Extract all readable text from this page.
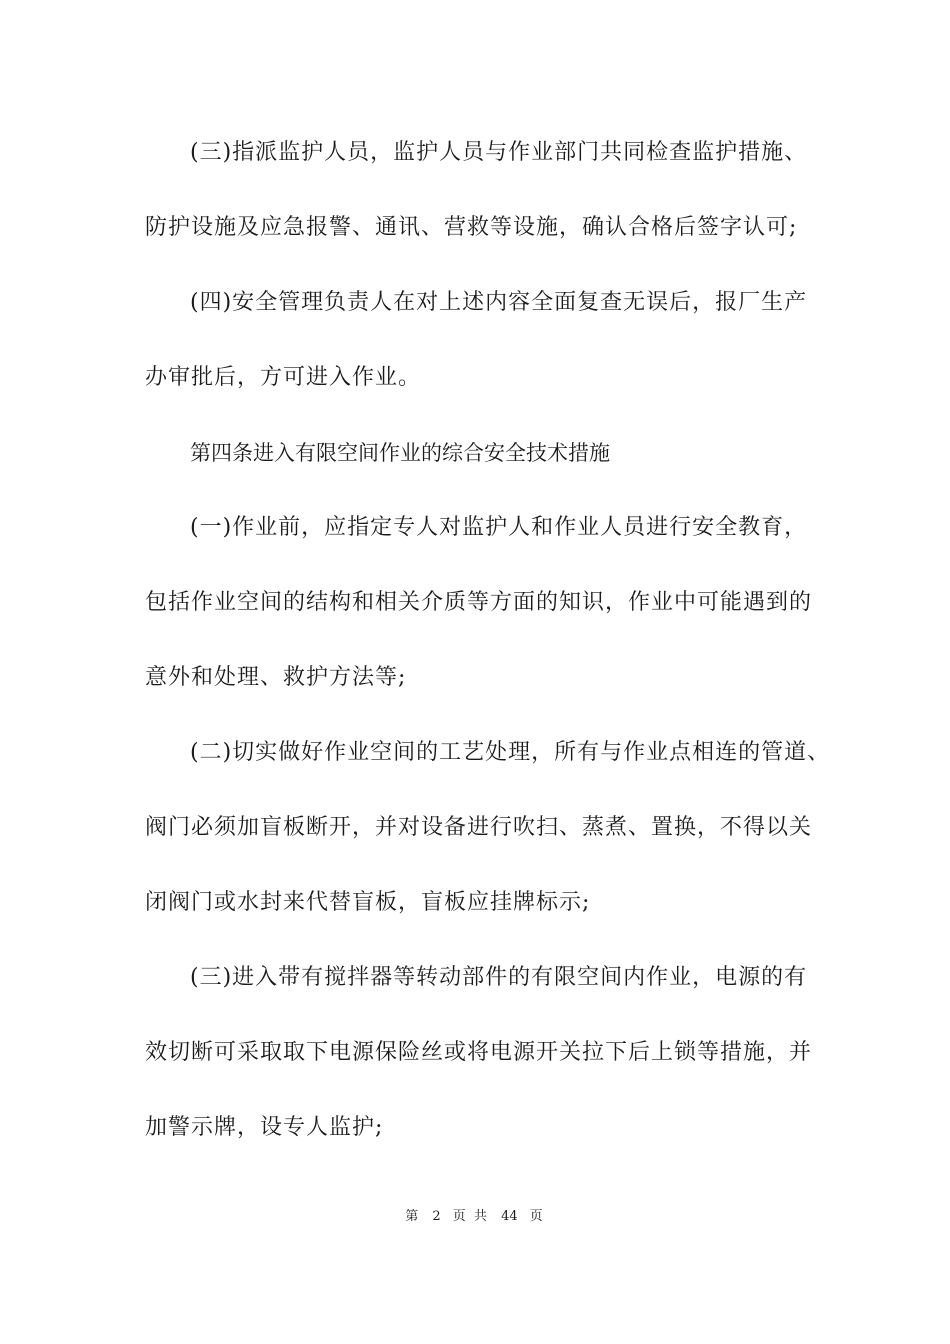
(三)指派监护人员，监护人员与作业部门共同检查监护措施、
防护设施及应急报警、通讯、营救等设施，确认合格后签字认可;
(四)安全管理负责人在对上述内容全面复查无误后，报厂生产
办审批后，方可进入作业。
第四条进入有限空间作业的综合安全技术措施
(一)作业前，应指定专人对监护人和作业人员进行安全教育，
包括作业空间的结构和相关介质等方面的知识，作业中可能遇到的
意外和处理、救护方法等;
(二)切实做好作业空间的工艺处理，所有与作业点相连的管道、
阀门必须加盲板断开，并对设备进行吹扫、蒸煮、置换，不得以关
闭阀门或水封来代替盲板，盲板应挂牌标示;
(三)进入带有搅拌器等转动部件的有限空间内作业，电源的有
效切断可采取取下电源保险丝或将电源开关拉下后上锁等措施，并
加警示牌，设专人监护;
第 2 页 共 44 页
